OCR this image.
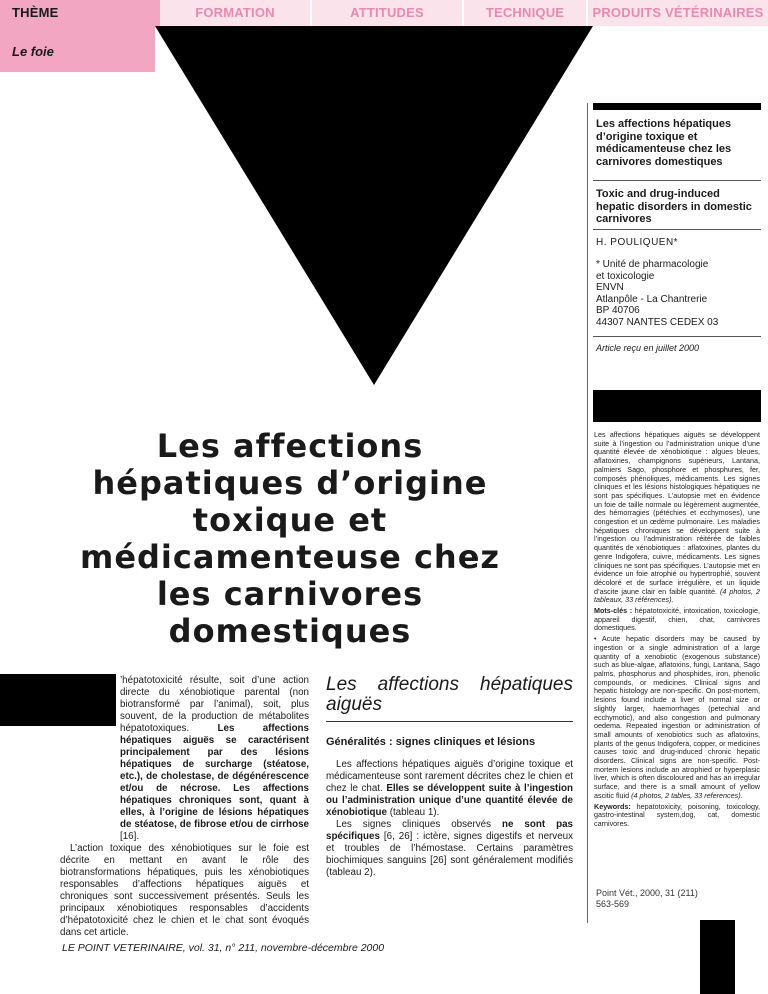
THÈME	FORMATION	ATTITUDES	TECHNIQUE	PRODUITS VÉTÉRINAIRES
Le foie
Les affections hépatiques d’origine toxique et médicamenteuse chez les carnivores domestiques
Toxic and drug-induced hepatic disorders in domestic carnivores
H. POULIQUEN*
* Unité de pharmacologie
et toxicologie
ENVN
Atlanpôle - La Chantrerie
BP 40706
44307 NANTES CEDEX 03
Article reçu en juillet 2000

Les affections hépatiques aiguës se développent suite à l’ingestion ou l’administration unique d’une quantité élevée de xénobiotique : algues bleues, aflatoxines, champignons supérieurs, Lantana, palmiers Sago, phosphore et phosphures, fer, composés phénoliques, médicaments. Les signes cliniques et les lésions histologiques hépatiques ne sont pas spécifiques. L’autopsie met en évidence un foie de taille normale ou légèrement augmentée, des hémorragies (pétéchies et ecchymoses), une congestion et un œdème pulmonaire. Les maladies hépatiques chroniques se développent suite à l’ingestion ou l’administration réitérée de faibles quantités de xénobiotiques : aflatoxines, plantes du genre Indigofera, cuivre, médicaments. Les signes cliniques ne sont pas spécifiques. L’autopsie met en évidence un foie atrophié ou hypertrophié, souvent décoloré et de surface irrégulière, et un liquide d’ascite jaune clair en faible quantité. (4 photos, 2 tableaux, 33 références).

Mots-clés : hépatotoxicité, intoxication, toxicologie, appareil digestif, chien, chat, carnivores domestiques.

• Acute hepatic disorders may be caused by ingestion or a single administration of a large quantity of a xenobiotic (exogenous substance) such as blue-algae, aflatoxins, fungi, Lantana, Sago palms, phosphorus and phosphides, iron, phenolic compounds, or medicines. Clinical signs and hepatic histology are non-specific. On post-mortem, lesions found include a liver of normal size or slightly larger, haemorrhages (petechial and ecchymotic), and also congestion and pulmonary oedema. Repeated ingestion or administration of small amounts of xenobiotics such as aflatoxins, plants of the genus Indigofera, copper, or medicines causes toxic and drug-induced chronic hepatic disorders. Clinical signs are non-specific. Post-mortem lesions include an atrophied or hyperplasic liver, which is often discoloured and has an irregular surface, and there is a small amount of yellow ascitic fluid (4 photos, 2 tables, 33 references).

Keywords: hepatotoxicity, poisoning, toxicology, gastro-intestinal system,dog, cat, domestic carnivores.

Point Vét., 2000, 31 (211)
563-569
Les affections hépatiques d’origine toxique et médicamenteuse chez les carnivores domestiques

’hépatotoxicité résulte, soit d’une action directe du xénobiotique parental (non biotransformé par l’animal), soit, plus souvent, de la production de métabolites hépatotoxiques.	Les affections hépatiques aiguës se caractérisent principalement par des lésions hépatiques de surcharge (stéatose, etc.), de cholestase, de dégénérescence et/ou de nécrose. Les affections hépatiques chroniques sont, quant à elles, à l’origine de lésions hépatiques de stéatose, de fibrose et/ou de cirrhose [16].

L’action toxique des xénobiotiques sur le foie est décrite en mettant en avant le rôle des biotransformations hépatiques, puis les xénobiotiques responsables d’affections hépatiques aiguës et chroniques sont successivement présentés. Seuls les principaux xénobiotiques responsables d’accidents d’hépatotoxicité chez le chien et le chat sont évoqués dans cet article.

Les affections hépatiques aiguës
Généralités : signes cliniques et lésions

Les affections hépatiques aiguës d’origine toxique et médicamenteuse sont rarement décrites chez le chien et chez le chat. Elles se développent suite à l’ingestion ou l’administration unique d’une quantité élevée de xénobiotique (tableau 1).

Les signes cliniques observés ne sont pas spécifiques [6, 26] : ictère, signes digestifs et nerveux et troubles de l’hémostase. Certains paramètres biochimiques sanguins [26] sont généralement modifiés (tableau 2).

LE POINT VETERINAIRE, vol. 31, n° 211, novembre-décembre 2000
